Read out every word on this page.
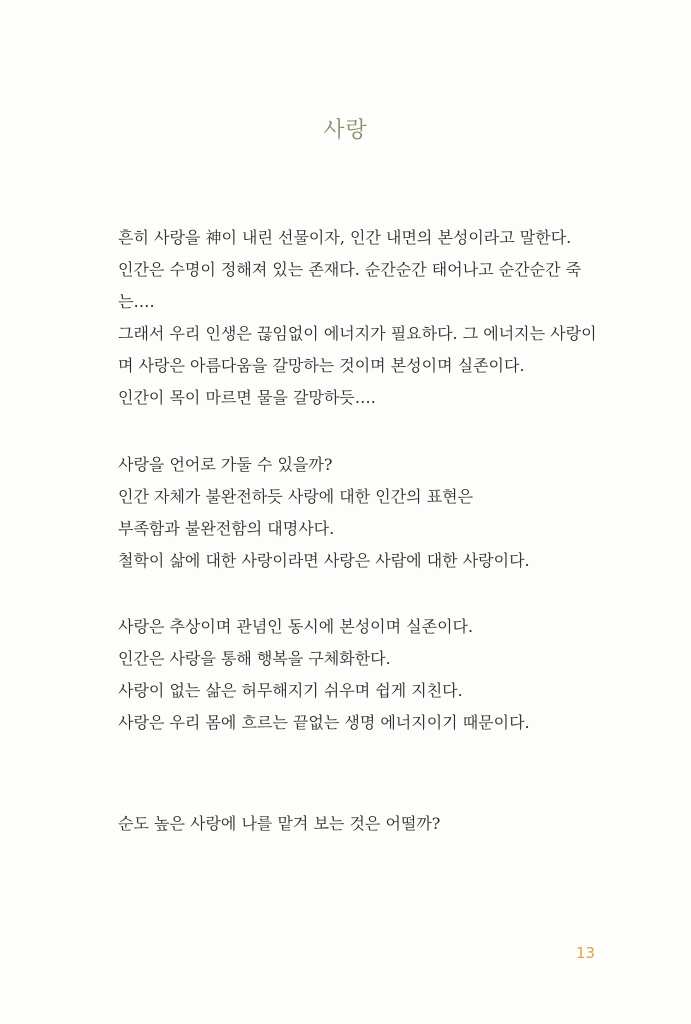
사랑
흔히 사랑을 神이 내린 선물이자, 인간 내면의 본성이라고 말한다.
인간은 수명이 정해져 있는 존재다. 순간순간 태어나고 순간순간 죽
는….
그래서 우리 인생은 끊임없이 에너지가 필요하다. 그 에너지는 사랑이
며 사랑은 아름다움을 갈망하는 것이며 본성이며 실존이다.
인간이 목이 마르면 물을 갈망하듯….
사랑을 언어로 가둘 수 있을까?
인간 자체가 불완전하듯 사랑에 대한 인간의 표현은
부족함과 불완전함의 대명사다.
철학이 삶에 대한 사랑이라면 사랑은 사람에 대한 사랑이다.
사랑은 추상이며 관념인 동시에 본성이며 실존이다.
인간은 사랑을 통해 행복을 구체화한다.
사랑이 없는 삶은 허무해지기 쉬우며 쉽게 지친다.
사랑은 우리 몸에 흐르는 끝없는 생명 에너지이기 때문이다.
순도 높은 사랑에 나를 맡겨 보는 것은 어떨까?
13
